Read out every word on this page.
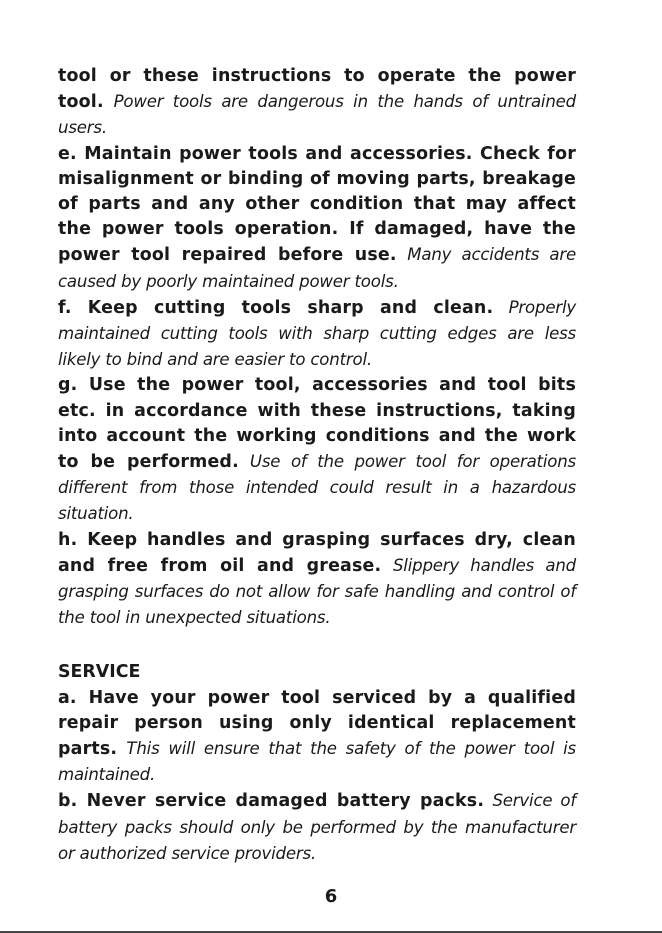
tool or these instructions to operate the power tool. Power tools are dangerous in the hands of untrained users.

e. Maintain power tools and accessories. Check for misalignment or binding of moving parts, breakage of parts and any other condition that may affect the power tools operation. If damaged, have the power tool repaired before use. Many accidents are caused by poorly maintained power tools.

f. Keep cutting tools sharp and clean. Properly maintained cutting tools with sharp cutting edges are less likely to bind and are easier to control.

g. Use the power tool, accessories and tool bits etc. in accordance with these instructions, taking into account the working conditions and the work to be performed. Use of the power tool for operations different from those intended could result in a hazardous situation.

h. Keep handles and grasping surfaces dry, clean and free from oil and grease. Slippery handles and grasping surfaces do not allow for safe handling and control of the tool in unexpected situations.

SERVICE

a. Have your power tool serviced by a qualified repair person using only identical replacement parts. This will ensure that the safety of the power tool is maintained.

b. Never service damaged battery packs. Service of battery packs should only be performed by the manufacturer or authorized service providers.

6
